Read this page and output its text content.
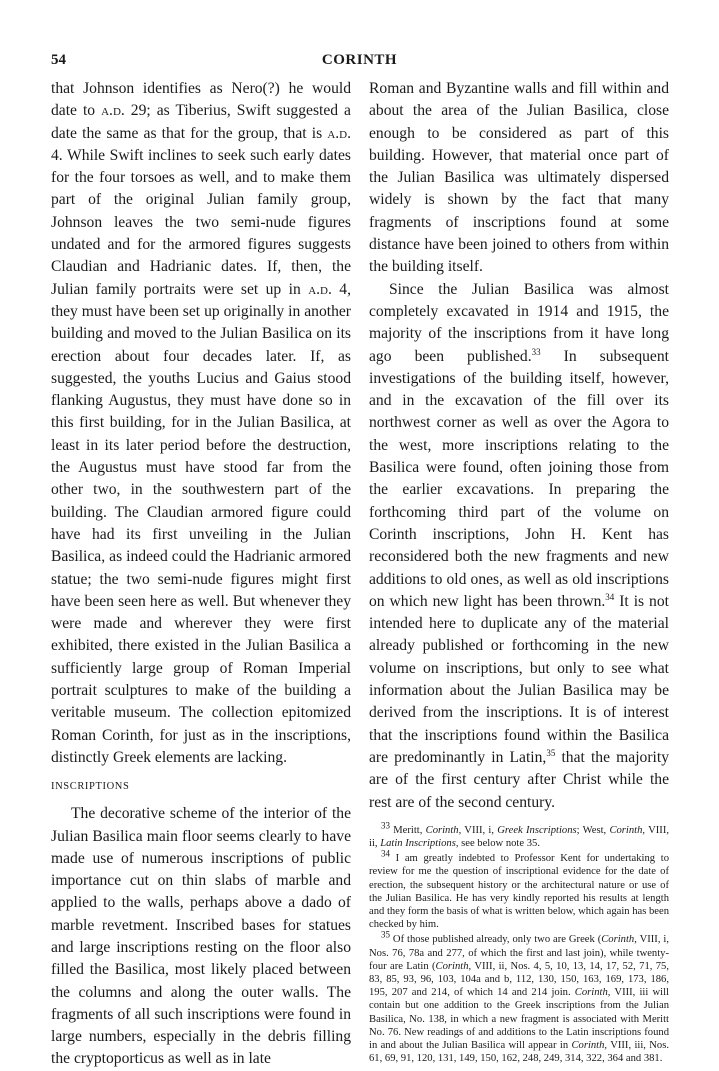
54	CORINTH

that Johnson identifies as Nero(?) he would date to a.d. 29; as Tiberius, Swift suggested a date the same as that for the group, that is a.d. 4. While Swift inclines to seek such early dates for the four torsoes as well, and to make them part of the original Julian family group, Johnson leaves the two semi-nude figures undated and for the armored figures suggests Claudian and Hadrianic dates. If, then, the Julian family portraits were set up in a.d. 4, they must have been set up originally in another building and moved to the Julian Basilica on its erection about four decades later. If, as suggested, the youths Lucius and Gaius stood flanking Augustus, they must have done so in this first building, for in the Julian Basilica, at least in its later period before the destruction, the Augustus must have stood far from the other two, in the southwestern part of the building. The Claudian armored figure could have had its first unveiling in the Julian Basilica, as indeed could the Hadrianic armored statue; the two semi-nude figures might first have been seen here as well. But whenever they were made and wherever they were first exhibited, there existed in the Julian Basilica a sufficiently large group of Roman Imperial portrait sculptures to make of the building a veritable museum. The collection epitomized Roman Corinth, for just as in the inscriptions, distinctly Greek elements are lacking.

INSCRIPTIONS

The decorative scheme of the interior of the Julian Basilica main floor seems clearly to have made use of numerous inscriptions of public importance cut on thin slabs of marble and applied to the walls, perhaps above a dado of marble revetment. Inscribed bases for statues and large inscriptions resting on the floor also filled the Basilica, most likely placed between the columns and along the outer walls. The fragments of all such inscriptions were found in large numbers, especially in the debris filling the cryptoporticus as well as in late

Roman and Byzantine walls and fill within and about the area of the Julian Basilica, close enough to be considered as part of this building. However, that material once part of the Julian Basilica was ultimately dispersed widely is shown by the fact that many fragments of inscriptions found at some distance have been joined to others from within the building itself.

Since the Julian Basilica was almost completely excavated in 1914 and 1915, the majority of the inscriptions from it have long ago been published.$^{33}$ In subsequent investigations of the building itself, however, and in the excavation of the fill over its northwest corner as well as over the Agora to the west, more inscriptions relating to the Basilica were found, often joining those from the earlier excavations. In preparing the forthcoming third part of the volume on Corinth inscriptions, John H. Kent has reconsidered both the new fragments and new additions to old ones, as well as old inscriptions on which new light has been thrown.$^{34}$ It is not intended here to duplicate any of the material already published or forthcoming in the new volume on inscriptions, but only to see what information about the Julian Basilica may be derived from the inscriptions. It is of interest that the inscriptions found within the Basilica are predominantly in Latin,$^{35}$ that the majority are of the first century after Christ while the rest are of the second century.

$^{33}$ Meritt, Corinth, VIII, i, Greek Inscriptions; West, Corinth, VIII, ii, Latin Inscriptions, see below note 35.

$^{34}$ I am greatly indebted to Professor Kent for undertaking to review for me the question of inscriptional evidence for the date of erection, the subsequent history or the architectural nature or use of the Julian Basilica. He has very kindly reported his results at length and they form the basis of what is written below, which again has been checked by him.

$^{35}$ Of those published already, only two are Greek (Corinth, VIII, i, Nos. 76, 78a and 277, of which the first and last join), while twenty-four are Latin (Corinth, VIII, ii, Nos. 4, 5, 10, 13, 14, 17, 52, 71, 75, 83, 85, 93, 96, 103, 104a and b, 112, 130, 150, 163, 169, 173, 186, 195, 207 and 214, of which 14 and 214 join. Corinth, VIII, iii will contain but one addition to the Greek inscriptions from the Julian Basilica, No. 138, in which a new fragment is associated with Meritt No. 76. New readings of and additions to the Latin inscriptions found in and about the Julian Basilica will appear in Corinth, VIII, iii, Nos. 61, 69, 91, 120, 131, 149, 150, 162, 248, 249, 314, 322, 364 and 381.
